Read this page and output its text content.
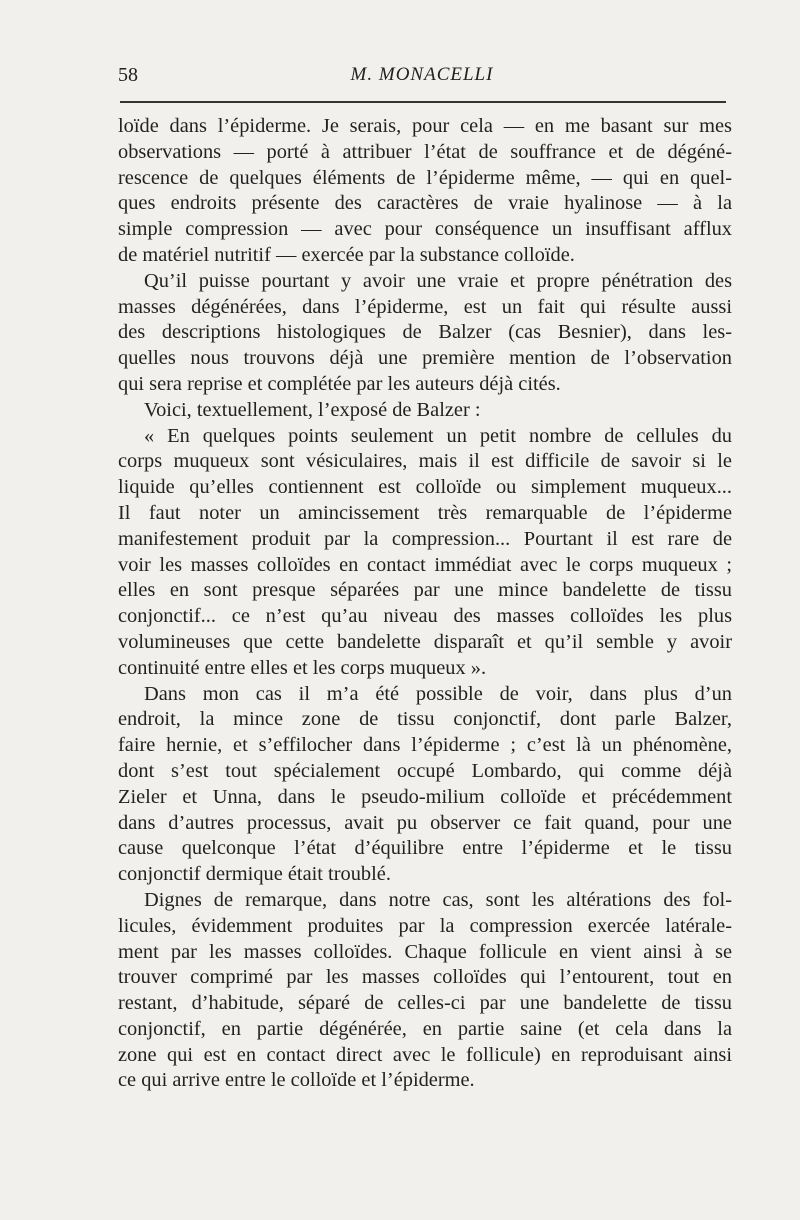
58	M. MONACELLI
loïde dans l’épiderme. Je serais, pour cela — en me basant sur mes
observations — porté à attribuer l’état de souffrance et de dégéné-
rescence de quelques éléments de l’épiderme même, — qui en quel-
ques endroits présente des caractères de vraie hyalinose — à la
simple compression — avec pour conséquence un insuffisant afflux
de matériel nutritif — exercée par la substance colloïde.
Qu’il puisse pourtant y avoir une vraie et propre pénétration des
masses dégénérées, dans l’épiderme, est un fait qui résulte aussi
des descriptions histologiques de Balzer (cas Besnier), dans les-
quelles nous trouvons déjà une première mention de l’observation
qui sera reprise et complétée par les auteurs déjà cités.
Voici, textuellement, l’exposé de Balzer :
« En quelques points seulement un petit nombre de cellules du
corps muqueux sont vésiculaires, mais il est difficile de savoir si le
liquide qu’elles contiennent est colloïde ou simplement muqueux...
Il faut noter un amincissement très remarquable de l’épiderme
manifestement produit par la compression... Pourtant il est rare de
voir les masses colloïdes en contact immédiat avec le corps muqueux ;
elles en sont presque séparées par une mince bandelette de tissu
conjonctif... ce n’est qu’au niveau des masses colloïdes les plus
volumineuses que cette bandelette disparaît et qu’il semble y avoir
continuité entre elles et les corps muqueux ».
Dans mon cas il m’a été possible de voir, dans plus d’un
endroit, la mince zone de tissu conjonctif, dont parle Balzer,
faire hernie, et s’effilocher dans l’épiderme ; c’est là un phénomène,
dont s’est tout spécialement occupé Lombardo, qui comme déjà
Zieler et Unna, dans le pseudo-milium colloïde et précédemment
dans d’autres processus, avait pu observer ce fait quand, pour une
cause quelconque l’état d’équilibre entre l’épiderme et le tissu
conjonctif dermique était troublé.
Dignes de remarque, dans notre cas, sont les altérations des fol-
licules, évidemment produites par la compression exercée latérale-
ment par les masses colloïdes. Chaque follicule en vient ainsi à se
trouver comprimé par les masses colloïdes qui l’entourent, tout en
restant, d’habitude, séparé de celles-ci par une bandelette de tissu
conjonctif, en partie dégénérée, en partie saine (et cela dans la
zone qui est en contact direct avec le follicule) en reproduisant ainsi
ce qui arrive entre le colloïde et l’épiderme.
